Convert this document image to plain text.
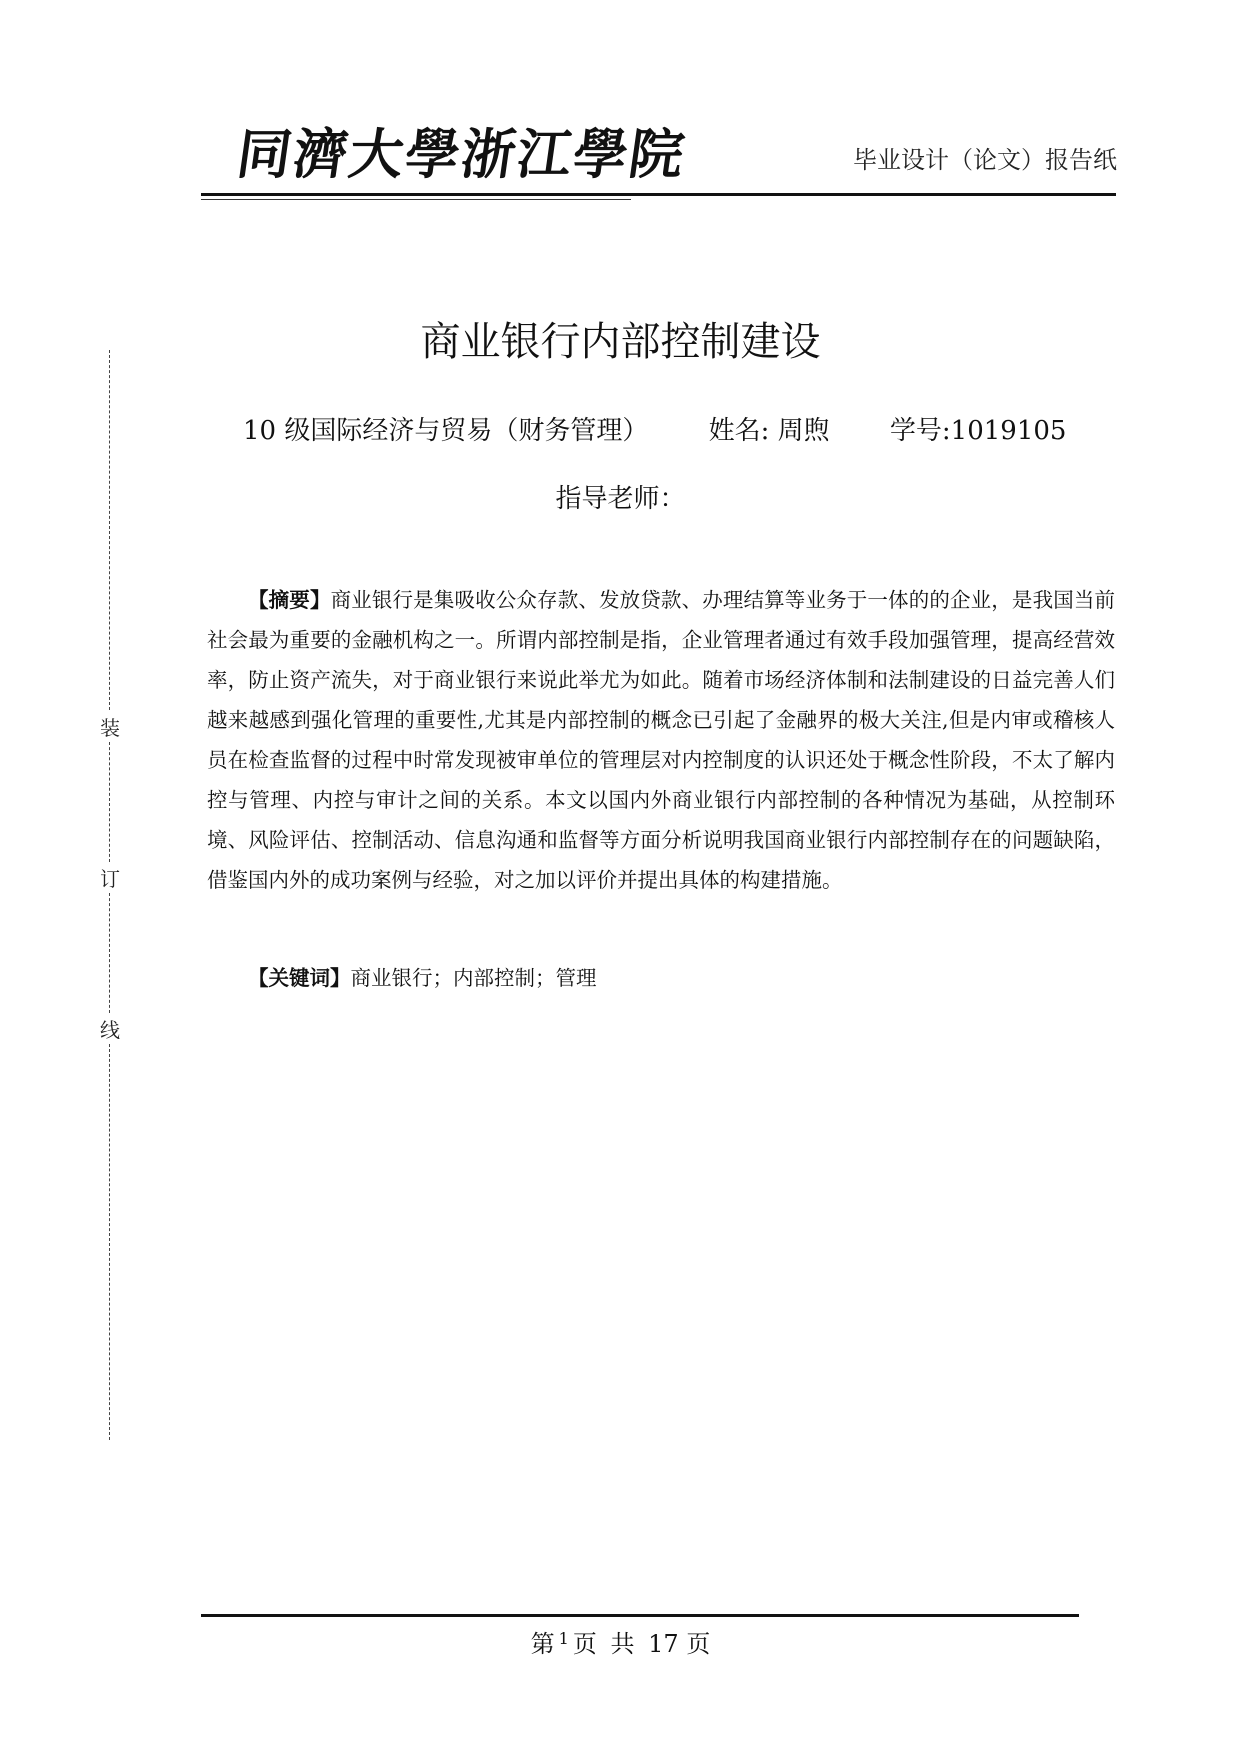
同濟大學浙江學院	毕业设计（论文）报告纸
装
订
线
商业银行内部控制建设
10 级国际经济与贸易（财务管理） 姓名: 周煦 学号:1019105
指导老师：

【摘要】商业银行是集吸收公众存款、发放贷款、办理结算等业务于一体的的企业，是我国当前社会最为重要的金融机构之一。所谓内部控制是指，企业管理者通过有效手段加强管理，提高经营效率，防止资产流失，对于商业银行来说此举尤为如此。随着市场经济体制和法制建设的日益完善人们越来越感到强化管理的重要性,尤其是内部控制的概念已引起了金融界的极大关注,但是内审或稽核人员在检查监督的过程中时常发现被审单位的管理层对内控制度的认识还处于概念性阶段，不太了解内控与管理、内控与审计之间的关系。本文以国内外商业银行内部控制的各种情况为基础，从控制环境、风险评估、控制活动、信息沟通和监督等方面分析说明我国商业银行内部控制存在的问题缺陷，借鉴国内外的成功案例与经验，对之加以评价并提出具体的构建措施。

【关键词】商业银行；内部控制；管理

第 $^1$ 页 共 17 页
